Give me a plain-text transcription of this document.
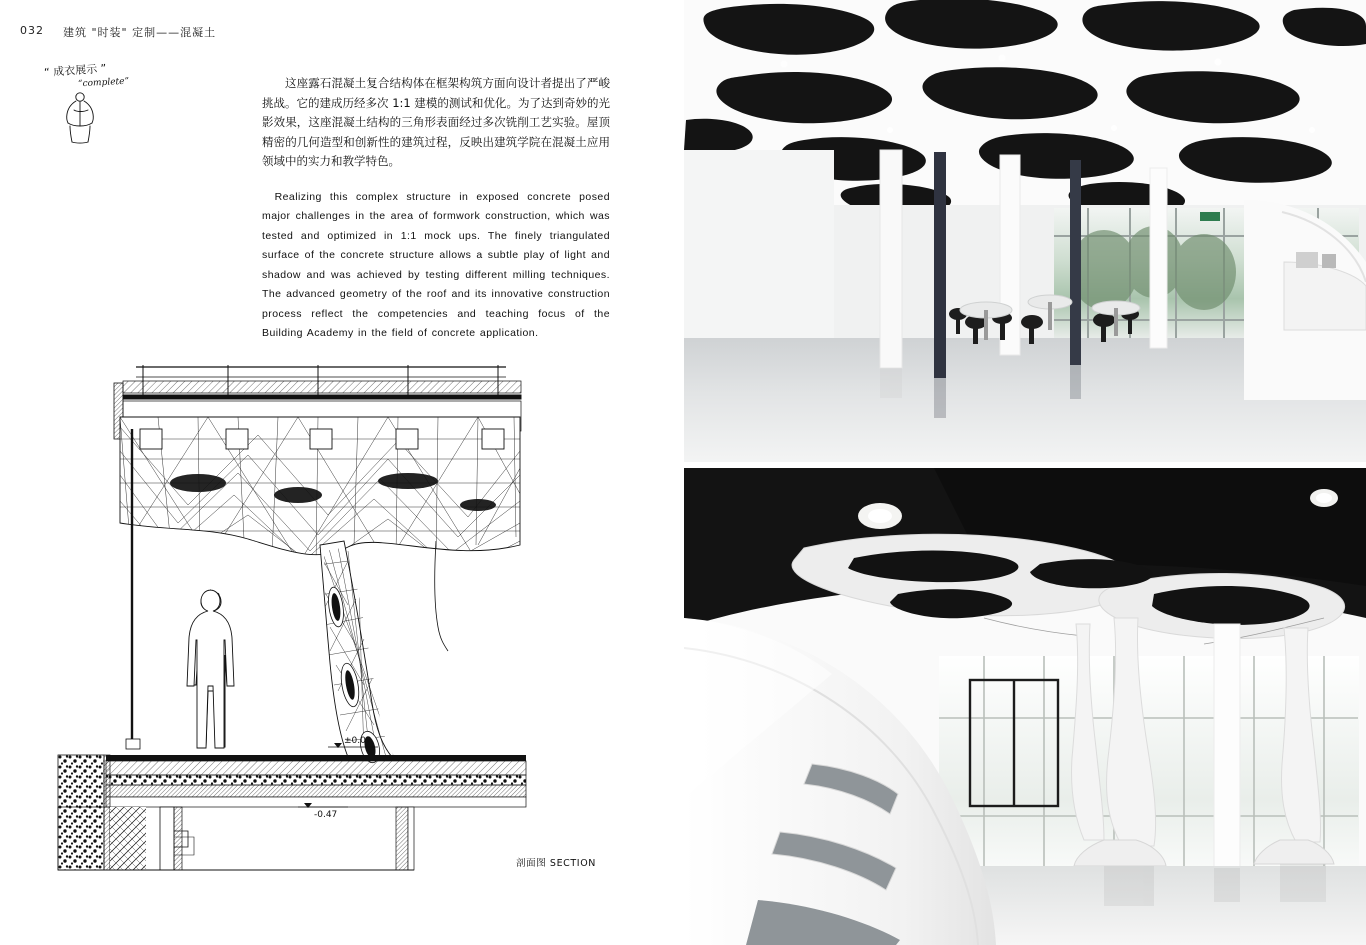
032 建筑 "时装" 定制——混凝土
“ 成衣展示 ”
“complete”	这座露石混凝土复合结构体在框架构筑方面向设计者提出了严峻挑战。它的建成历经多次 1:1 建模的测试和优化。为了达到奇妙的光影效果，这座混凝土结构的三角形表面经过多次铣削工艺实验。屋顶精密的几何造型和创新性的建筑过程，反映出建筑学院在混凝土应用领域中的实力和教学特色。

Realizing this complex structure in exposed concrete posed major challenges in the area of formwork construction, which was tested and optimized in 1:1 mock ups. The finely triangulated surface of the concrete structure allows a subtle play of light and shadow and was achieved by testing different milling techniques. The advanced geometry of the roof and its innovative construction process reflect the competencies and teaching focus of the Building Academy in the field of concrete application.

±0.02
-0.47
剖面图 SECTION
